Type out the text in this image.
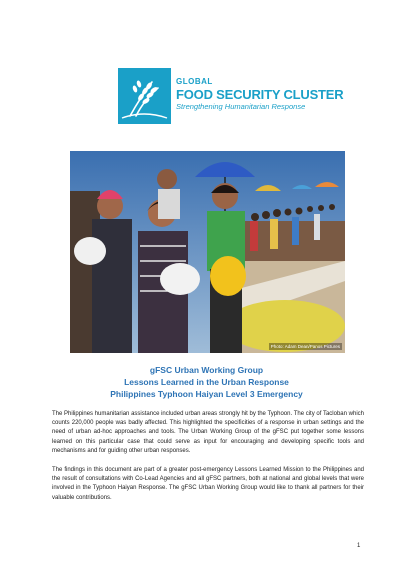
GLOBAL
FOOD SECURITY CLUSTER
Strengthening Humanitarian Response
Photo: Adam Dean/Panos Pictures
gFSC Urban Working Group
Lessons Learned in the Urban Response
Philippines Typhoon Haiyan Level 3 Emergency
The Philippines humanitarian assistance included urban areas strongly hit by the Typhoon. The city of Tacloban which counts 220,000 people was badly affected. This highlighted the specificities of a response in urban settings and the need of urban ad-hoc approaches and tools. The Urban Working Group of the gFSC put together some lessons learned on this particular case that could serve as input for encouraging and developing specific tools and mechanisms and for guiding other urban responses.
The findings in this document are part of a greater post-emergency Lessons Learned Mission to the Philippines and the result of consultations with Co-Lead Agencies and all gFSC partners, both at national and global levels that were involved in the Typhoon Haiyan Response. The gFSC Urban Working Group would like to thank all partners for their valuable contributions.
1
